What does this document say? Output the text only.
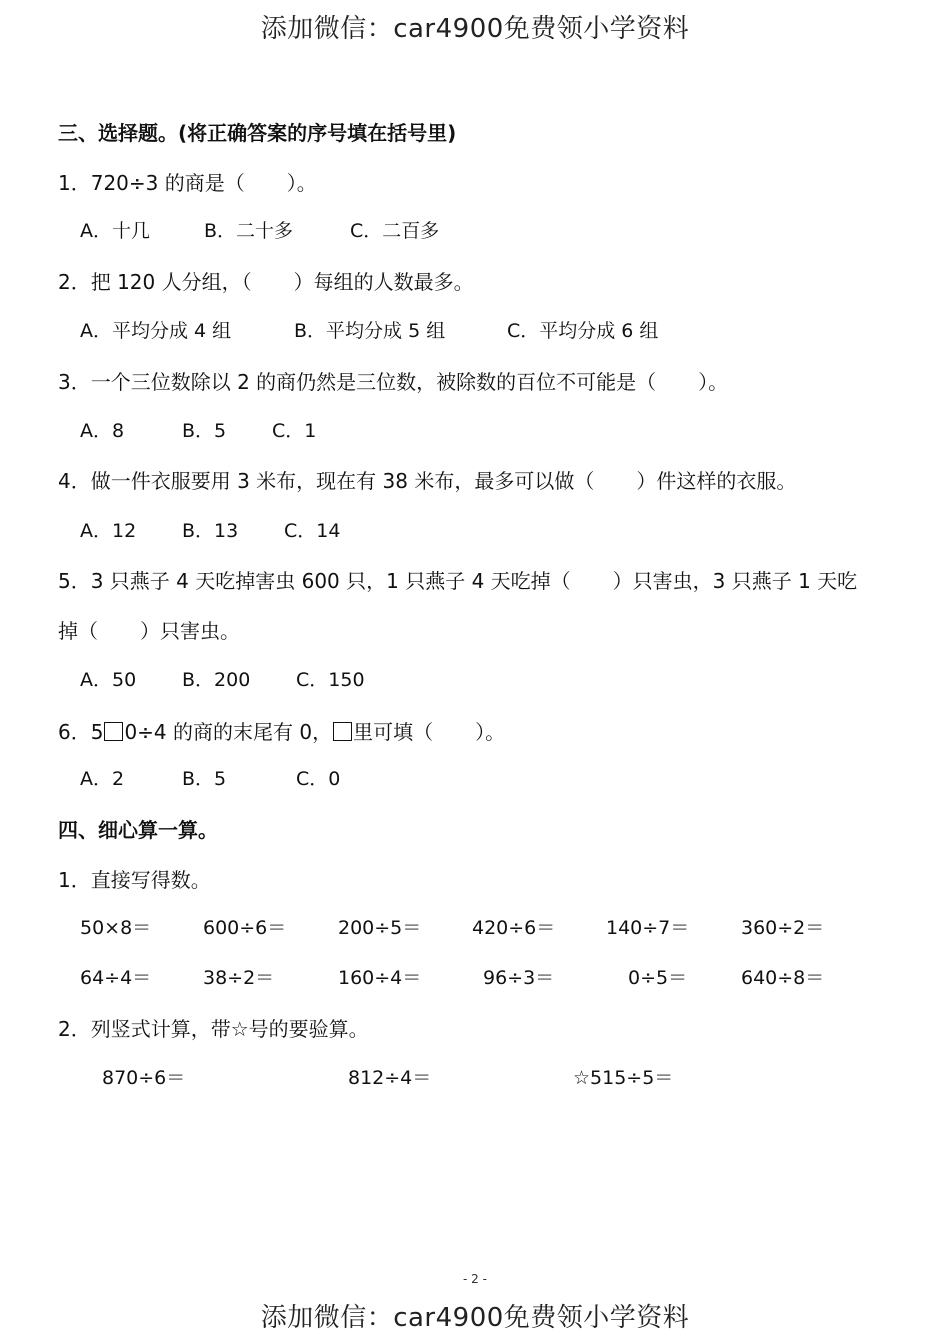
添加微信：car4900免费领小学资料
三、选择题。(将正确答案的序号填在括号里)
1．720÷3 的商是（ ）。
A．十几	B．二十多	C．二百多
2．把 120 人分组，（ ）每组的人数最多。
A．平均分成 4 组	B．平均分成 5 组	C．平均分成 6 组
3．一个三位数除以 2 的商仍然是三位数，被除数的百位不可能是（ ）。
A．8	B．5 C．1
4．做一件衣服要用 3 米布，现在有 38 米布，最多可以做（ ）件这样的衣服。
A．12 B．13 C．14
5．3 只燕子 4 天吃掉害虫 600 只，1 只燕子 4 天吃掉（ ）只害虫，3 只燕子 1 天吃
掉（ ）只害虫。
A．50 B．200 C．150
6．5 0÷4 的商的末尾有 0， 里可填（ ）。
A．2	B．5	C．0
四、细心算一算。
1．直接写得数。
50×8＝	600÷6＝	200÷5＝	420÷6＝	140÷7＝	360÷2＝
64÷4＝	38÷2＝	160÷4＝	96÷3＝	0÷5＝	640÷8＝
2．列竖式计算，带☆号的要验算。
870÷6＝	812÷4＝	☆515÷5＝
- 2 -
添加微信：car4900免费领小学资料
